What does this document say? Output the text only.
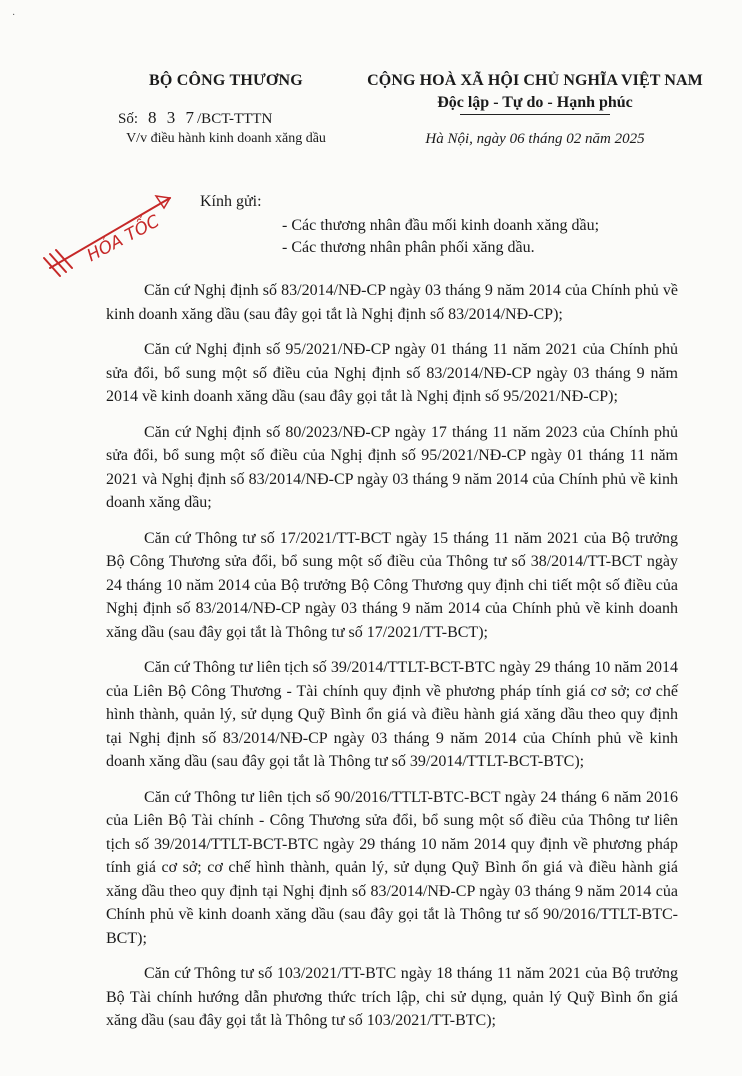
·
BỘ CÔNG THƯƠNG
Số: 8 3 7/BCT-TTTN
V/v điều hành kinh doanh xăng dầu
CỘNG HOÀ XÃ HỘI CHỦ NGHĨA VIỆT NAM
Độc lập - Tự do - Hạnh phúc
Hà Nội, ngày 06 tháng 02 năm 2025
HỎA TỐC
Kính gửi:
- Các thương nhân đầu mối kinh doanh xăng dầu;
- Các thương nhân phân phối xăng dầu.

Căn cứ Nghị định số 83/2014/NĐ-CP ngày 03 tháng 9 năm 2014 của Chính phủ về kinh doanh xăng dầu (sau đây gọi tắt là Nghị định số 83/2014/NĐ-CP);

Căn cứ Nghị định số 95/2021/NĐ-CP ngày 01 tháng 11 năm 2021 của Chính phủ sửa đổi, bổ sung một số điều của Nghị định số 83/2014/NĐ-CP ngày 03 tháng 9 năm 2014 về kinh doanh xăng dầu (sau đây gọi tắt là Nghị định số 95/2021/NĐ-CP);

Căn cứ Nghị định số 80/2023/NĐ-CP ngày 17 tháng 11 năm 2023 của Chính phủ sửa đổi, bổ sung một số điều của Nghị định số 95/2021/NĐ-CP ngày 01 tháng 11 năm 2021 và Nghị định số 83/2014/NĐ-CP ngày 03 tháng 9 năm 2014 của Chính phủ về kinh doanh xăng dầu;

Căn cứ Thông tư số 17/2021/TT-BCT ngày 15 tháng 11 năm 2021 của Bộ trưởng Bộ Công Thương sửa đổi, bổ sung một số điều của Thông tư số 38/2014/TT-BCT ngày 24 tháng 10 năm 2014 của Bộ trưởng Bộ Công Thương quy định chi tiết một số điều của Nghị định số 83/2014/NĐ-CP ngày 03 tháng 9 năm 2014 của Chính phủ về kinh doanh xăng dầu (sau đây gọi tắt là Thông tư số 17/2021/TT-BCT);

Căn cứ Thông tư liên tịch số 39/2014/TTLT-BCT-BTC ngày 29 tháng 10 năm 2014 của Liên Bộ Công Thương - Tài chính quy định về phương pháp tính giá cơ sở; cơ chế hình thành, quản lý, sử dụng Quỹ Bình ổn giá và điều hành giá xăng dầu theo quy định tại Nghị định số 83/2014/NĐ-CP ngày 03 tháng 9 năm 2014 của Chính phủ về kinh doanh xăng dầu (sau đây gọi tắt là Thông tư số 39/2014/TTLT-BCT-BTC);

Căn cứ Thông tư liên tịch số 90/2016/TTLT-BTC-BCT ngày 24 tháng 6 năm 2016 của Liên Bộ Tài chính - Công Thương sửa đổi, bổ sung một số điều của Thông tư liên tịch số 39/2014/TTLT-BCT-BTC ngày 29 tháng 10 năm 2014 quy định về phương pháp tính giá cơ sở; cơ chế hình thành, quản lý, sử dụng Quỹ Bình ổn giá và điều hành giá xăng dầu theo quy định tại Nghị định số 83/2014/NĐ-CP ngày 03 tháng 9 năm 2014 của Chính phủ về kinh doanh xăng dầu (sau đây gọi tắt là Thông tư số 90/2016/TTLT-BTC-BCT);

Căn cứ Thông tư số 103/2021/TT-BTC ngày 18 tháng 11 năm 2021 của Bộ trưởng Bộ Tài chính hướng dẫn phương thức trích lập, chi sử dụng, quản lý Quỹ Bình ổn giá xăng dầu (sau đây gọi tắt là Thông tư số 103/2021/TT-BTC);
